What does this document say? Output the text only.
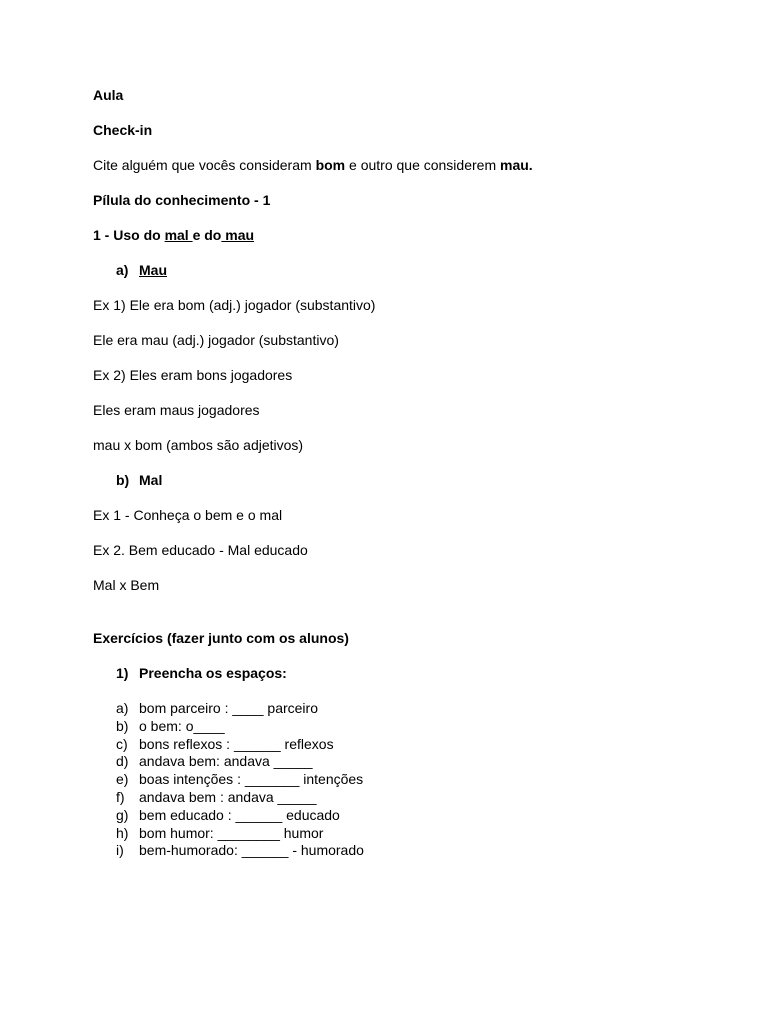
Aula

Check-in

Cite alguém que vocês consideram bom e outro que considerem mau.

Pílula do conhecimento - 1

1 - Uso do mal e do mau

a) Mau

Ex 1) Ele era bom (adj.) jogador (substantivo)

Ele era mau (adj.) jogador (substantivo)

Ex 2) Eles eram bons jogadores

Eles eram maus jogadores

mau x bom (ambos são adjetivos)

b) Mal

Ex 1 - Conheça o bem e o mal

Ex 2. Bem educado - Mal educado

Mal x Bem

Exercícios (fazer junto com os alunos)

1) Preencha os espaços:

a) bom parceiro : ____ parceiro
b) o bem: o____
c) bons reflexos : ______ reflexos
d) andava bem: andava _____
e) boas intenções : _______ intenções
f) andava bem : andava _____
g) bem educado : ______ educado
h) bom humor: ________ humor
i) bem-humorado: ______ - humorado
